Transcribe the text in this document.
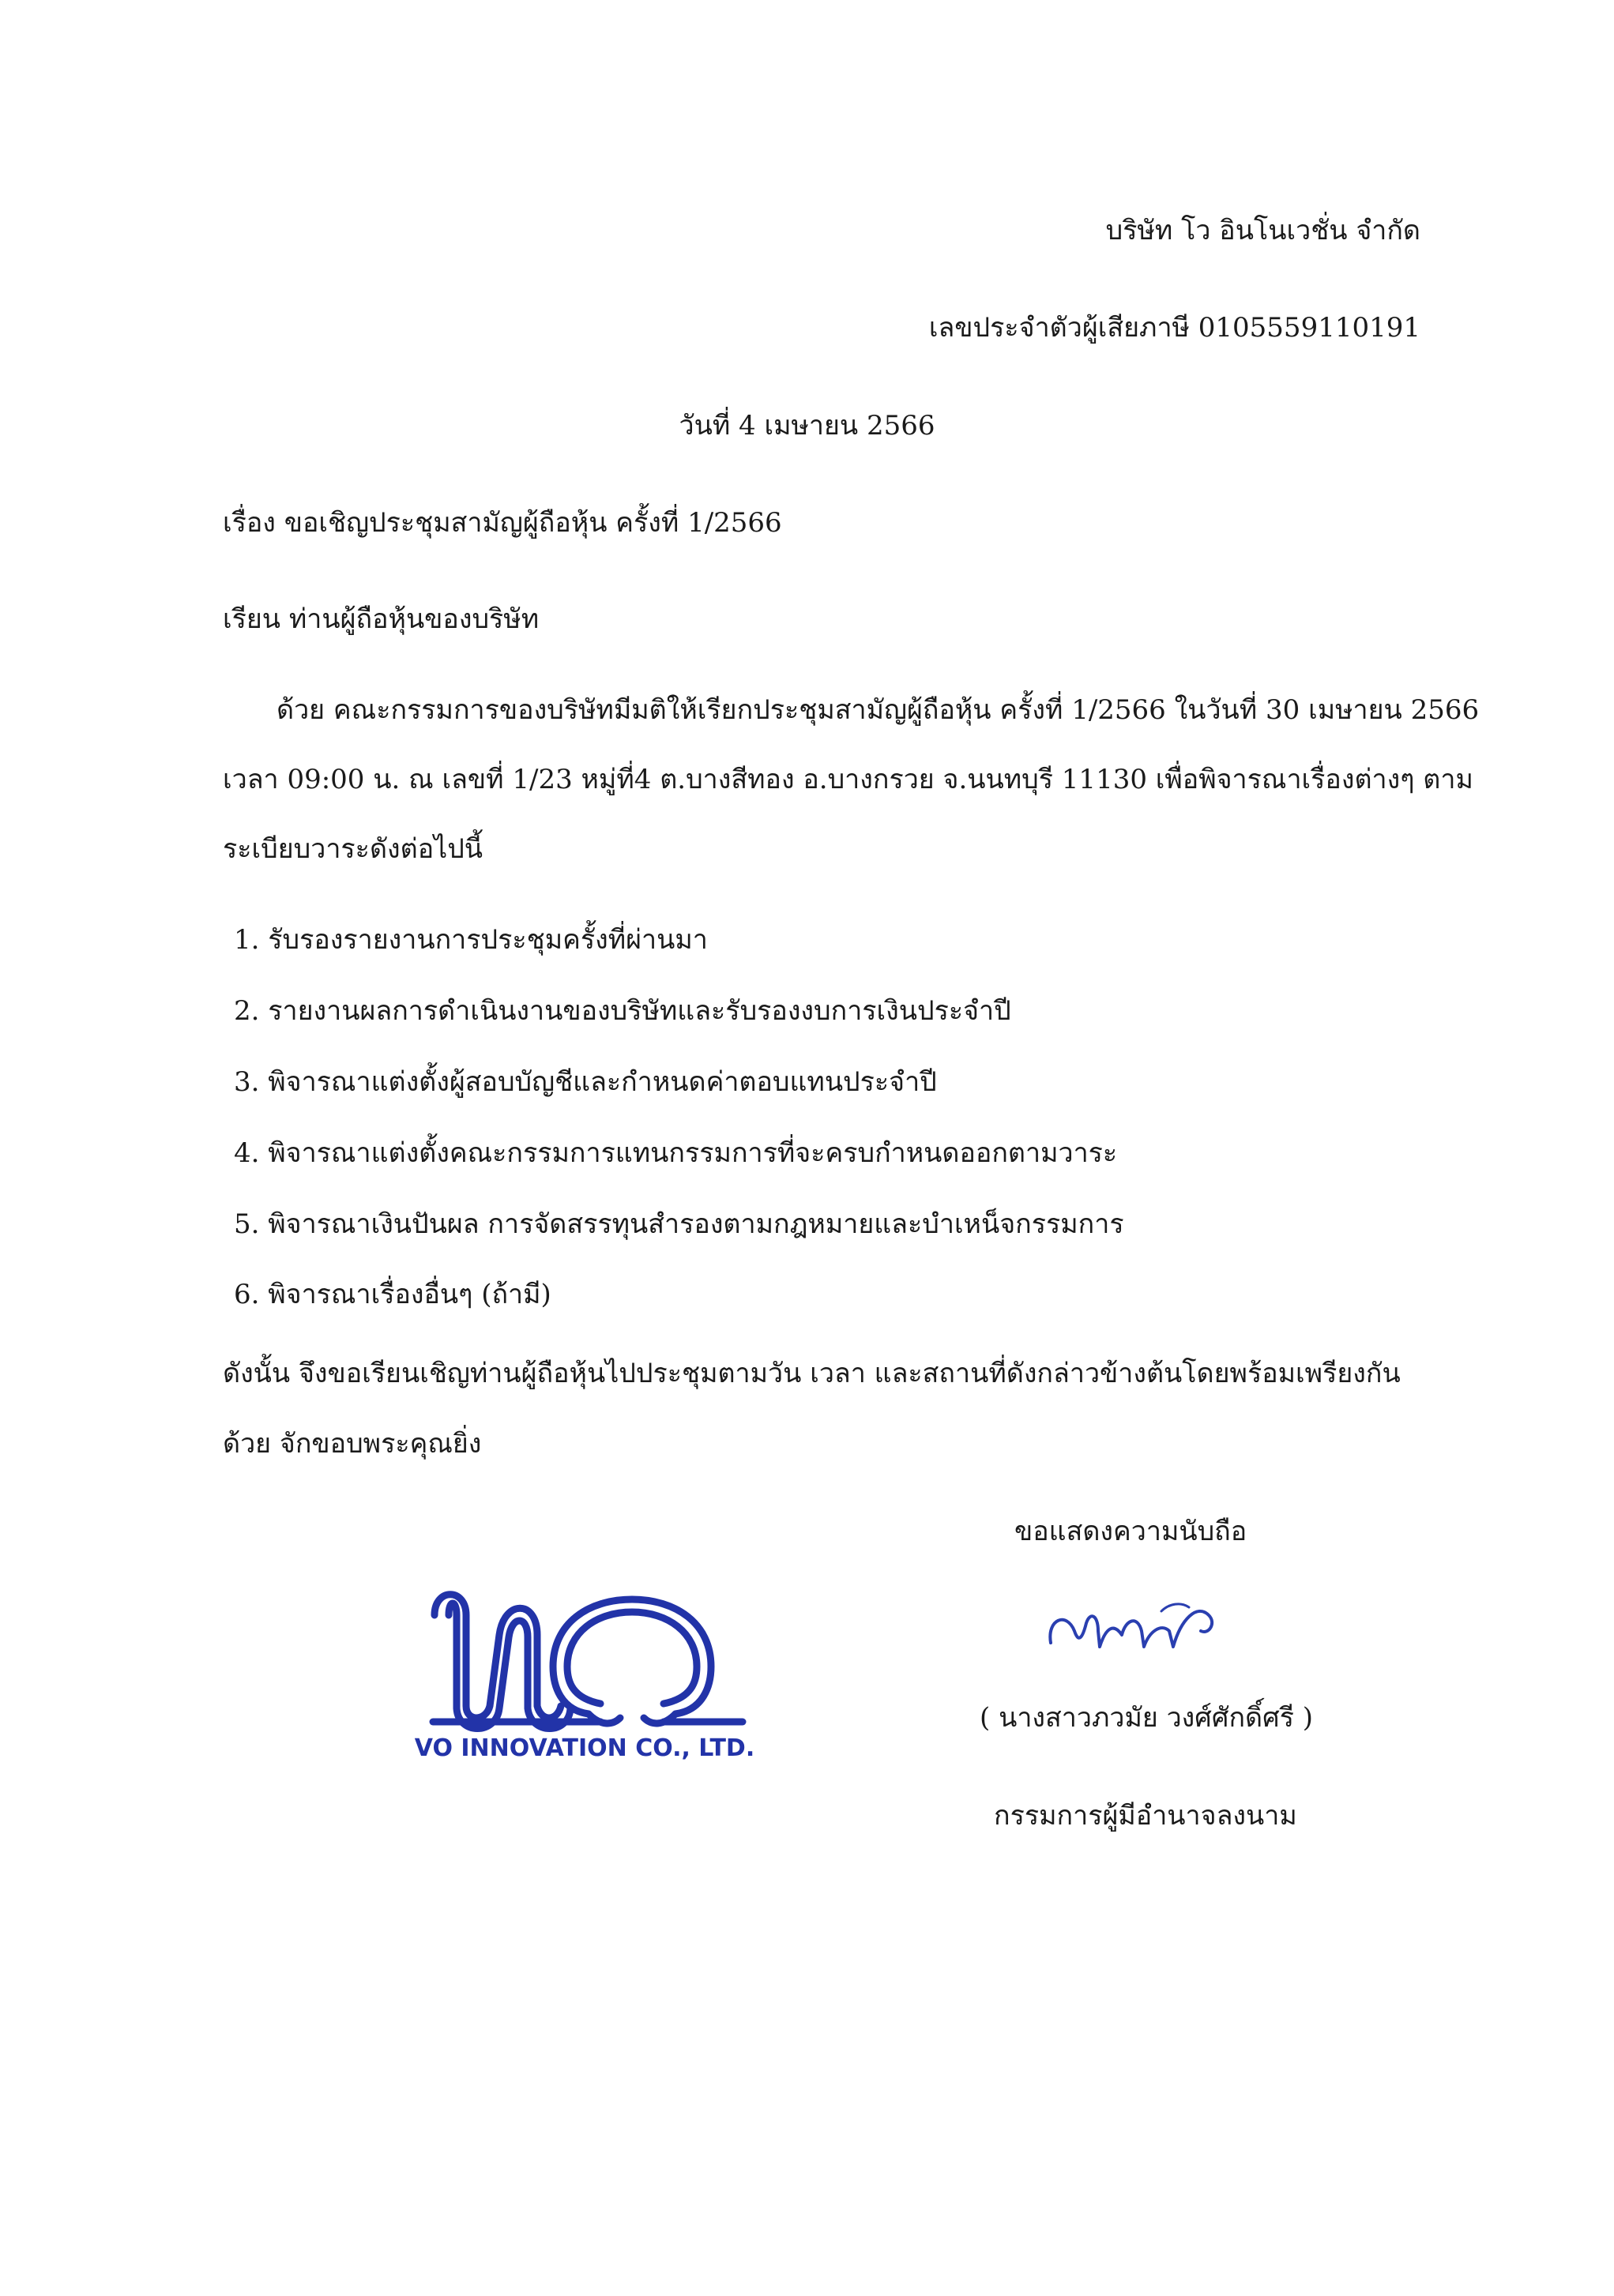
บริษัท โว อินโนเวชั่น จำกัด
เลขประจำตัวผู้เสียภาษี 0105559110191
วันที่ 4 เมษายน 2566
เรื่อง ขอเชิญประชุมสามัญผู้ถือหุ้น ครั้งที่ 1/2566
เรียน ท่านผู้ถือหุ้นของบริษัท
ด้วย คณะกรรมการของบริษัทมีมติให้เรียกประชุมสามัญผู้ถือหุ้น ครั้งที่ 1/2566 ในวันที่ 30 เมษายน 2566
เวลา 09:00 น. ณ เลขที่ 1/23 หมู่ที่4 ต.บางสีทอง อ.บางกรวย จ.นนทบุรี 11130 เพื่อพิจารณาเรื่องต่างๆ ตาม
ระเบียบวาระดังต่อไปนี้
1. รับรองรายงานการประชุมครั้งที่ผ่านมา
2. รายงานผลการดำเนินงานของบริษัทและรับรองงบการเงินประจำปี
3. พิจารณาแต่งตั้งผู้สอบบัญชีและกำหนดค่าตอบแทนประจำปี
4. พิจารณาแต่งตั้งคณะกรรมการแทนกรรมการที่จะครบกำหนดออกตามวาระ
5. พิจารณาเงินปันผล การจัดสรรทุนสำรองตามกฎหมายและบำเหน็จกรรมการ
6. พิจารณาเรื่องอื่นๆ (ถ้ามี)
ดังนั้น จึงขอเรียนเชิญท่านผู้ถือหุ้นไปประชุมตามวัน เวลา และสถานที่ดังกล่าวข้างต้นโดยพร้อมเพรียงกัน
ด้วย จักขอบพระคุณยิ่ง
ขอแสดงความนับถือ
VO INNOVATION CO., LTD.
( นางสาวภวมัย วงศ์ศักดิ์ศรี )
กรรมการผู้มีอำนาจลงนาม
